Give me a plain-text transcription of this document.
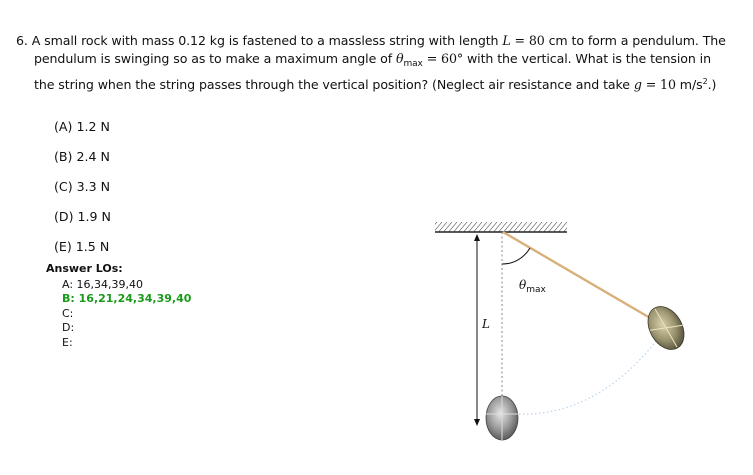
6. A small rock with mass 0.12 kg is fastened to a massless string with length L = 80 cm to form a pendulum. The
pendulum is swinging so as to make a maximum angle of $\theta_{max} = 60^\circ$ with the vertical. What is the tension in
the string when the string passes through the vertical position? (Neglect air resistance and take g = 10 $m/s^2$.)
(A) 1.2 N
(B) 2.4 N
(C) 3.3 N
(D) 1.9 N
(E) 1.5 N
Answer LOs:
A: 16,34,39,40
B: 16,21,24,34,39,40
C:
D:
E:
L
$\theta_{max}$
